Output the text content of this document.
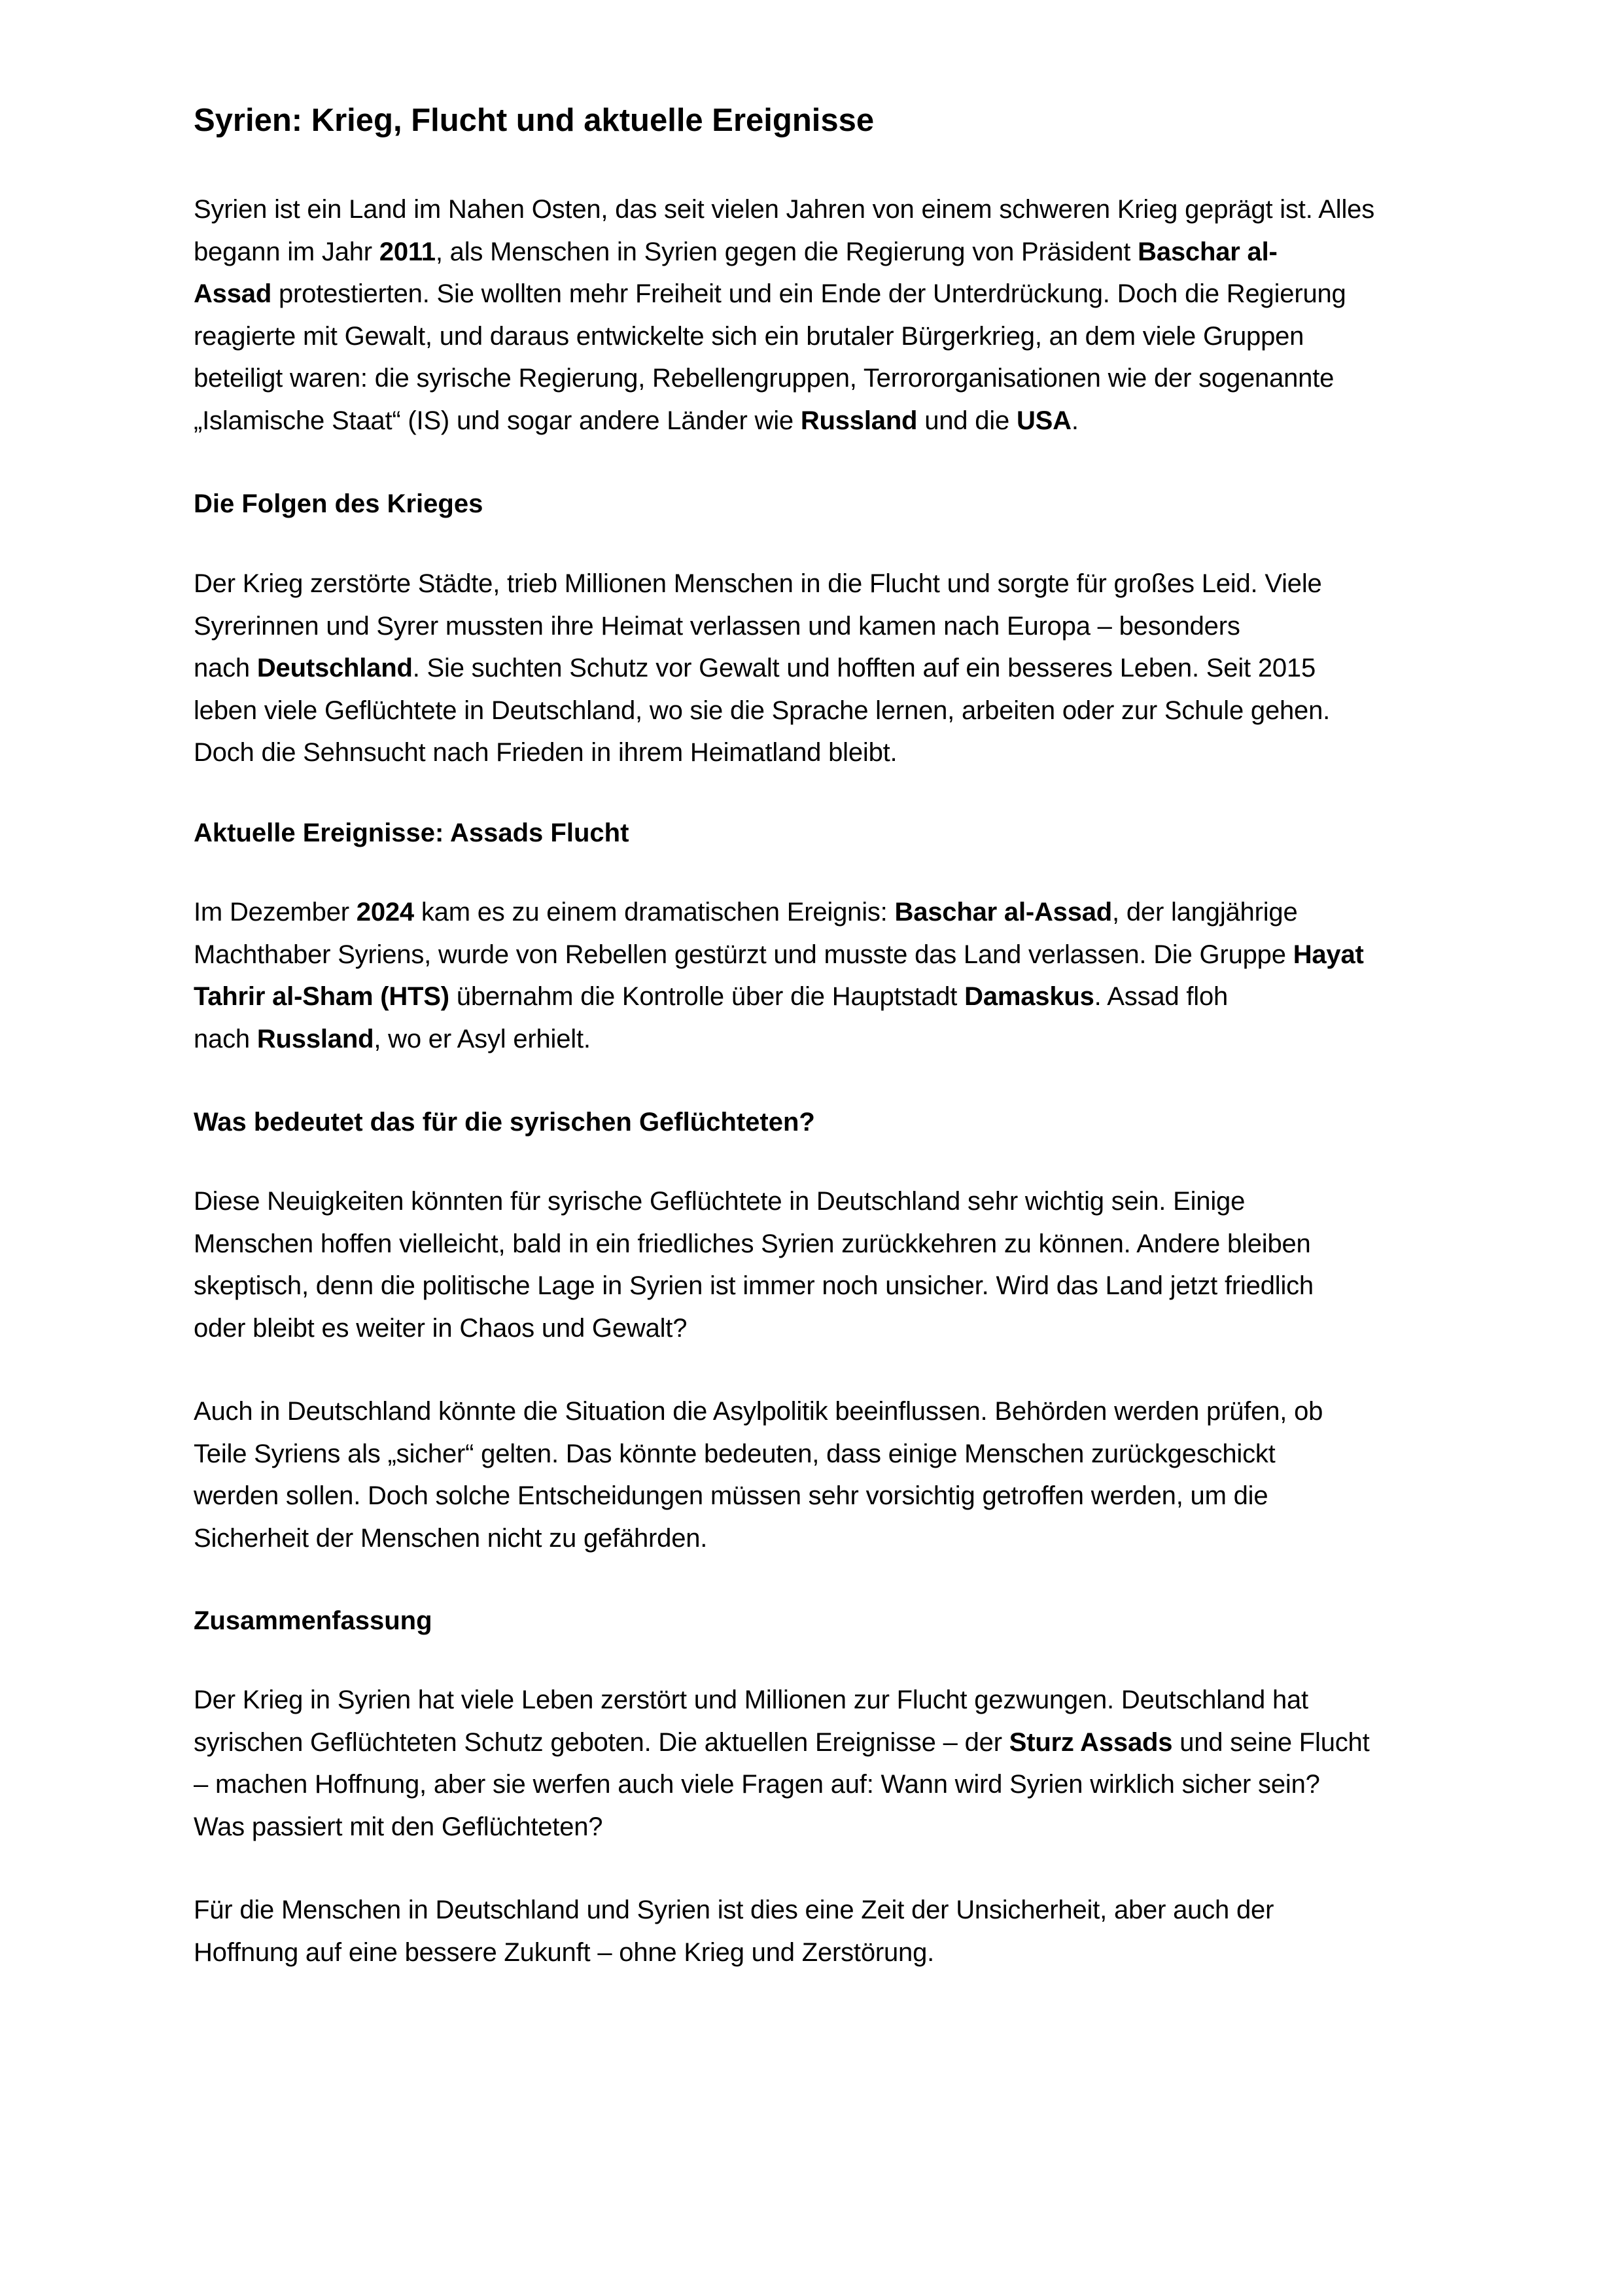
Syrien: Krieg, Flucht und aktuelle Ereignisse

Syrien ist ein Land im Nahen Osten, das seit vielen Jahren von einem schweren Krieg geprägt ist. Alles
begann im Jahr 2011, als Menschen in Syrien gegen die Regierung von Präsident Baschar al-
Assad protestierten. Sie wollten mehr Freiheit und ein Ende der Unterdrückung. Doch die Regierung
reagierte mit Gewalt, und daraus entwickelte sich ein brutaler Bürgerkrieg, an dem viele Gruppen
beteiligt waren: die syrische Regierung, Rebellengruppen, Terrororganisationen wie der sogenannte
„Islamische Staat“ (IS) und sogar andere Länder wie Russland und die USA.

Die Folgen des Krieges

Der Krieg zerstörte Städte, trieb Millionen Menschen in die Flucht und sorgte für großes Leid. Viele
Syrerinnen und Syrer mussten ihre Heimat verlassen und kamen nach Europa – besonders
nach Deutschland. Sie suchten Schutz vor Gewalt und hofften auf ein besseres Leben. Seit 2015
leben viele Geflüchtete in Deutschland, wo sie die Sprache lernen, arbeiten oder zur Schule gehen.
Doch die Sehnsucht nach Frieden in ihrem Heimatland bleibt.

Aktuelle Ereignisse: Assads Flucht

Im Dezember 2024 kam es zu einem dramatischen Ereignis: Baschar al-Assad, der langjährige
Machthaber Syriens, wurde von Rebellen gestürzt und musste das Land verlassen. Die Gruppe Hayat
Tahrir al-Sham (HTS) übernahm die Kontrolle über die Hauptstadt Damaskus. Assad floh
nach Russland, wo er Asyl erhielt.

Was bedeutet das für die syrischen Geflüchteten?

Diese Neuigkeiten könnten für syrische Geflüchtete in Deutschland sehr wichtig sein. Einige
Menschen hoffen vielleicht, bald in ein friedliches Syrien zurückkehren zu können. Andere bleiben
skeptisch, denn die politische Lage in Syrien ist immer noch unsicher. Wird das Land jetzt friedlich
oder bleibt es weiter in Chaos und Gewalt?

Auch in Deutschland könnte die Situation die Asylpolitik beeinflussen. Behörden werden prüfen, ob
Teile Syriens als „sicher“ gelten. Das könnte bedeuten, dass einige Menschen zurückgeschickt
werden sollen. Doch solche Entscheidungen müssen sehr vorsichtig getroffen werden, um die
Sicherheit der Menschen nicht zu gefährden.

Zusammenfassung

Der Krieg in Syrien hat viele Leben zerstört und Millionen zur Flucht gezwungen. Deutschland hat
syrischen Geflüchteten Schutz geboten. Die aktuellen Ereignisse – der Sturz Assads und seine Flucht
– machen Hoffnung, aber sie werfen auch viele Fragen auf: Wann wird Syrien wirklich sicher sein?
Was passiert mit den Geflüchteten?

Für die Menschen in Deutschland und Syrien ist dies eine Zeit der Unsicherheit, aber auch der
Hoffnung auf eine bessere Zukunft – ohne Krieg und Zerstörung.
